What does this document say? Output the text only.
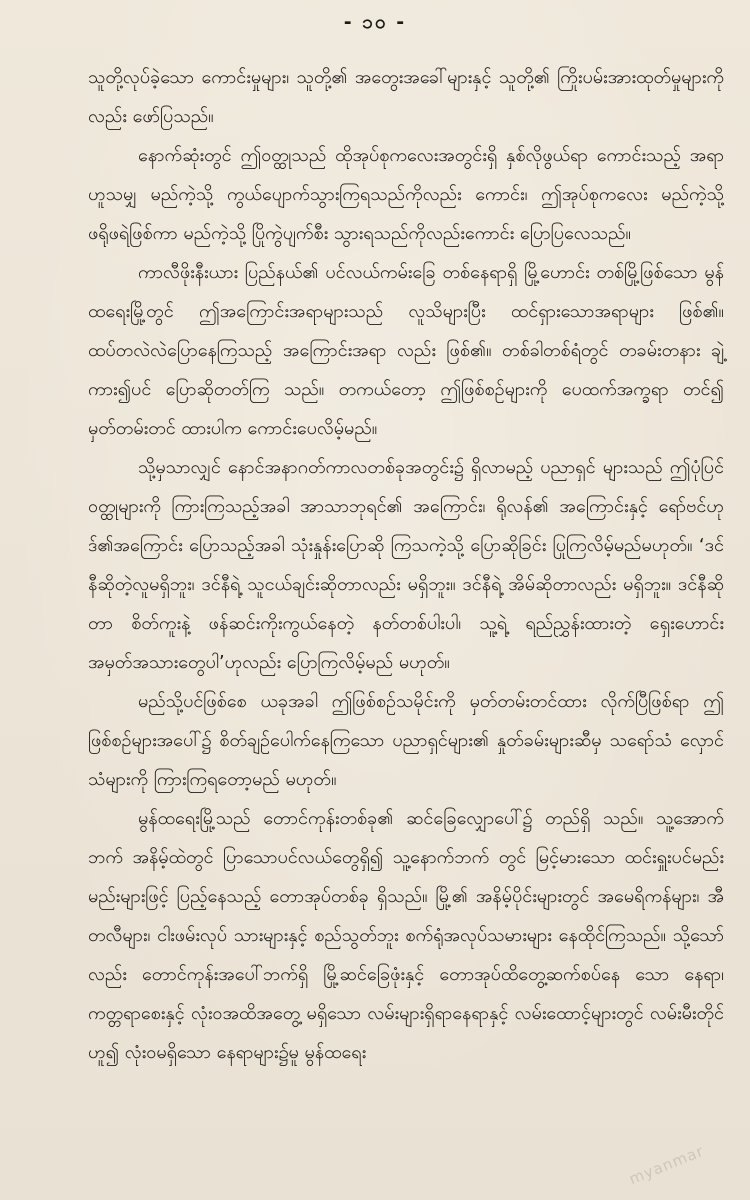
- ၁၀ -

သူတို့လုပ်ခဲ့သော ကောင်းမှုများ၊ သူတို့၏ အတွေးအခေါ်များနှင့် သူတို့၏ ကြိုးပမ်းအားထုတ်မှုများကိုလည်း ဖော်ပြသည်။

နောက်ဆုံးတွင် ဤဝတ္ထုသည် ထိုအုပ်စုကလေးအတွင်းရှိ နှစ်လိုဖွယ်ရာ ကောင်းသည့် အရာဟူသမျှ မည်ကဲ့သို့ ကွယ်ပျောက်သွားကြရသည်ကိုလည်း ကောင်း၊ ဤအုပ်စုကလေး မည်ကဲ့သို့ ဖရိုဖရဲဖြစ်ကာ မည်ကဲ့သို့ ပြိုကွဲပျက်စီး သွားရသည်ကိုလည်းကောင်း ပြောပြလေသည်။

ကာလီဖိုးနီးယား ပြည်နယ်၏ ပင်လယ်ကမ်းခြေ တစ်နေရာရှိ မြို့ဟောင်း တစ်မြို့ဖြစ်သော မွန်ထရေးမြို့တွင် ဤအကြောင်းအရာများသည် လူသိများပြီး ထင်ရှားသောအရာများ ဖြစ်၏။ ထပ်တလဲလဲပြောနေကြသည့် အကြောင်းအရာ လည်း ဖြစ်၏။ တစ်ခါတစ်ရံတွင် တခမ်းတနား ချဲ့ကား၍ပင် ပြောဆိုတတ်ကြ သည်။ တကယ်တော့ ဤဖြစ်စဉ်များကို ပေထက်အက္ခရာ တင်၍ မှတ်တမ်းတင် ထားပါက ကောင်းပေလိမ့်မည်။

သို့မှသာလျှင် နောင်အနာဂတ်ကာလတစ်ခုအတွင်း၌ ရှိလာမည့် ပညာရှင် များသည် ဤပုံပြင်ဝတ္ထုများကို ကြားကြသည့်အခါ အာသာဘုရင်၏ အကြောင်း၊ ရိုလန်၏ အကြောင်းနှင့် ရော်ဗင်ဟုဒ်၏အကြောင်း ပြောသည့်အခါ သုံးနှုန်းပြောဆို ကြသကဲ့သို့ ပြောဆိုခြင်း ပြုကြလိမ့်မည်မဟုတ်။ ‘ဒင်နီဆိုတဲ့လူမရှိဘူး၊ ဒင်နီရဲ့ သူငယ်ချင်းဆိုတာလည်း မရှိဘူး။ ဒင်နီရဲ့ အိမ်ဆိုတာလည်း မရှိဘူး။ ဒင်နီဆိုတာ စိတ်ကူးနဲ့ ဖန်ဆင်းကိုးကွယ်နေတဲ့ နတ်တစ်ပါးပါ၊ သူ့ရဲ့ ရည်ညွှန်းထားတဲ့ ရှေးဟောင်း အမှတ်အသားတွေပါ’ဟုလည်း ပြောကြလိမ့်မည် မဟုတ်။

မည်သို့ပင်ဖြစ်စေ ယခုအခါ ဤဖြစ်စဉ်သမိုင်းကို မှတ်တမ်းတင်ထား လိုက်ပြီဖြစ်ရာ ဤဖြစ်စဉ်များအပေါ်၌ စိတ်ချဉ်ပေါက်နေကြသော ပညာရှင်များ၏ နှုတ်ခမ်းများဆီမှ သရော်သံ လှောင်သံများကို ကြားကြရတော့မည် မဟုတ်။

မွန်ထရေးမြို့သည် တောင်ကုန်းတစ်ခု၏ ဆင်ခြေလျှောပေါ်၌ တည်ရှိ သည်။ သူ့အောက်ဘက် အနိမ့်ထဲတွင် ပြာသောပင်လယ်တွေရှိ၍ သူ့နောက်ဘက် တွင် မြင့်မားသော ထင်းရှူးပင်မည်းမည်းများဖြင့် ပြည့်နေသည့် တောအုပ်တစ်ခု ရှိသည်။ မြို့၏ အနိမ့်ပိုင်းများတွင် အမေရိကန်များ၊ အီတလီများ၊ ငါးဖမ်းလုပ် သားများနှင့် စည်သွတ်ဘူး စက်ရုံအလုပ်သမားများ နေထိုင်ကြသည်။ သို့သော် လည်း တောင်ကုန်းအပေါ်ဘက်ရှိ မြို့ဆင်ခြေဖုံးနှင့် တောအုပ်ထိတွေ့ဆက်စပ်နေ သော နေရာ၊ ကတ္တရာစေးနှင့် လုံးဝအထိအတွေ့ မရှိသော လမ်းများရှိရာနေရာနှင့် လမ်းထောင့်များတွင် လမ်းမီးတိုင်ဟူ၍ လုံးဝမရှိသော နေရာများ၌မူ မွန်ထရေး

myanmar
